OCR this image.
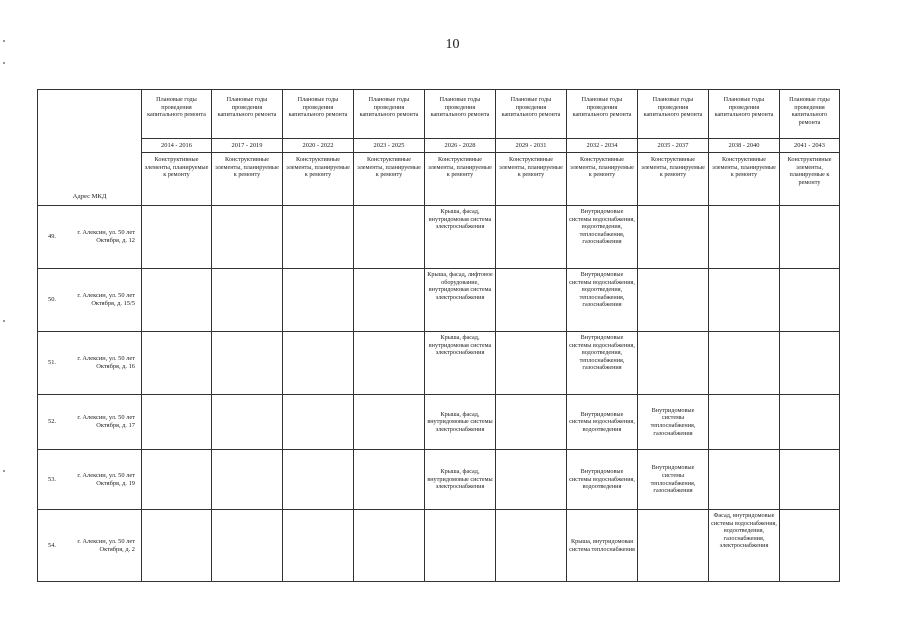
10
Адрес МКД		Плановые годы проведения капитального ремонта	Плановые годы проведения капитального ремонта	Плановые годы проведения капитального ремонта	Плановые годы проведения капитального ремонта	Плановые годы проведения капитального ремонта	Плановые годы проведения капитального ремонта	Плановые годы проведения капитального ремонта	Плановые годы проведения капитального ремонта	Плановые годы проведения капитального ремонта	Плановые годы проведения капитального ремонта
		2014 - 2016	2017 - 2019	2020 - 2022	2023 - 2025	2026 - 2028	2029 - 2031	2032 - 2034	2035 - 2037	2038 - 2040	2041 - 2043
		Конструктивные элементы, планируемые к ремонту	Конструктивные элементы, планируемые к ремонту	Конструктивные элементы, планируемые к ремонту	Конструктивные элементы, планируемые к ремонту	Конструктивные элементы, планируемые к ремонту	Конструктивные элементы, планируемые к ремонту	Конструктивные элементы, планируемые к ремонту	Конструктивные элементы, планируемые к ремонту	Конструктивные элементы, планируемые к ремонту	Конструктивные элементы, планируемые к ремонту
49.	г. Алексин, ул. 50 лет Октября, д. 12					Крыша, фасад, внутридомовая система электроснабжения		Внутридомовые системы водоснабжения, водоотведения, теплоснабжения, газоснабжения			
50.	г. Алексин, ул. 50 лет Октября, д. 15/5					Крыша, фасад, лифтовое оборудование, внутридомовая система электроснабжения		Внутридомовые системы водоснабжения, водоотведения, теплоснабжения, газоснабжения			
51.	г. Алексин, ул. 50 лет Октября, д. 16					Крыша, фасад, внутридомовая система электроснабжения		Внутридомовые системы водоснабжения, водоотведения, теплоснабжения, газоснабжения			
52.	г. Алексин, ул. 50 лет Октября, д. 17					Крыша, фасад, внутридомовые системы электроснабжения		Внутридомовые системы водоснабжения, водоотведения	Внутридомовые системы теплоснабжения, газоснабжения		
53.	г. Алексин, ул. 50 лет Октября, д. 19					Крыша, фасад, внутридомовые системы электроснабжения		Внутридомовые системы водоснабжения, водоотведения	Внутридомовые системы теплоснабжения, газоснабжения		
54.	г. Алексин, ул. 50 лет Октября, д. 2							Крыша, внутридомовая система теплоснабжения		Фасад, внутридомовые системы водоснабжения, водоотведения, газоснабжения, электроснабжения	
